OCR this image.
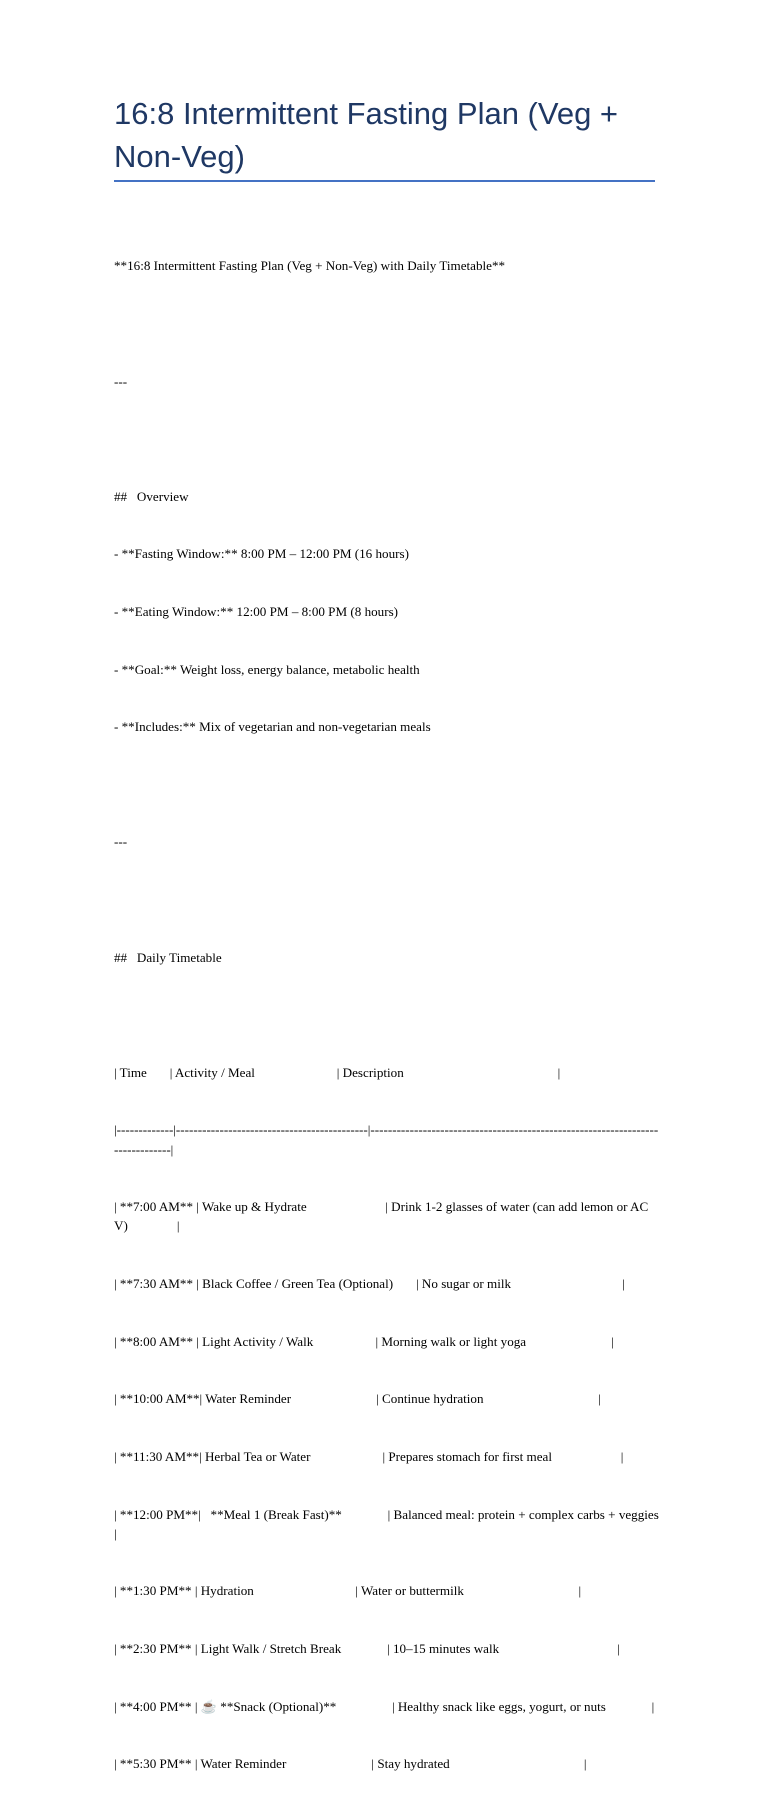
16:8 Intermittent Fasting Plan (Veg + Non-Veg)

**16:8 Intermittent Fasting Plan (Veg + Non-Veg) with Daily Timetable**

---

##   Overview

- **Fasting Window:** 8:00 PM – 12:00 PM (16 hours)

- **Eating Window:** 12:00 PM – 8:00 PM (8 hours)

- **Goal:** Weight loss, energy balance, metabolic health

- **Includes:** Mix of vegetarian and non-vegetarian meals

---

##   Daily Timetable

| Time       | Activity / Meal                         | Description                                               |

|-------------|--------------------------------------------|-------------------------------------------------------------------------------|

| **7:00 AM** | Wake up & Hydrate                        | Drink 1-2 glasses of water (can add lemon or ACV)               |

| **7:30 AM** | Black Coffee / Green Tea (Optional)       | No sugar or milk                                  |

| **8:00 AM** | Light Activity / Walk                   | Morning walk or light yoga                          |

| **10:00 AM**| Water Reminder                          | Continue hydration                                   |

| **11:30 AM**| Herbal Tea or Water                      | Prepares stomach for first meal                     |

| **12:00 PM**|   **Meal 1 (Break Fast)**              | Balanced meal: protein + complex carbs + veggies             |

| **1:30 PM** | Hydration                               | Water or buttermilk                                   |

| **2:30 PM** | Light Walk / Stretch Break              | 10–15 minutes walk                                    |

| **4:00 PM** | ☕ **Snack (Optional)**                 | Healthy snack like eggs, yogurt, or nuts              |

| **5:30 PM** | Water Reminder                          | Stay hydrated                                         |
